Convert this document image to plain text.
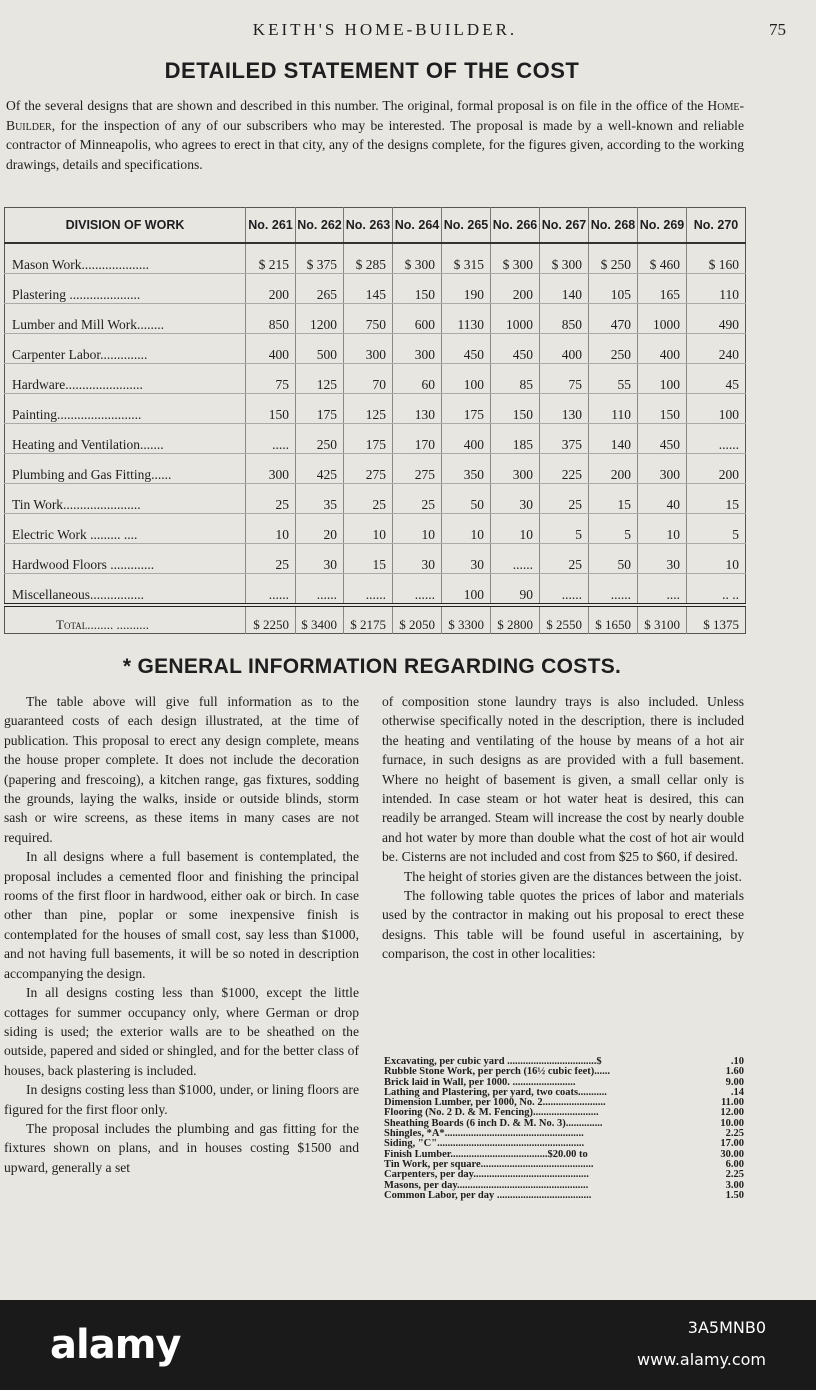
KEITH'S HOME-BUILDER.	75
DETAILED STATEMENT OF THE COST
Of the several designs that are shown and described in this number. The original, formal proposal is on file in the office of the Home-Builder, for the inspection of any of our subscribers who may be interested. The proposal is made by a well-known and reliable contractor of Minneapolis, who agrees to erect in that city, any of the designs complete, for the figures given, according to the working drawings, details and specifications.
DIVISION OF WORK	No. 261	No. 262	No. 263	No. 264	No. 265	No. 266	No. 267	No. 268	No. 269	No. 270
Mason Work....................	$ 215	$ 375	$ 285	$ 300	$ 315	$ 300	$ 300	$ 250	$ 460	$ 160
Plastering .....................	200	265	145	150	190	200	140	105	165	110
Lumber and Mill Work........	850	1200	750	600	1130	1000	850	470	1000	490
Carpenter Labor..............	400	500	300	300	450	450	400	250	400	240
Hardware.......................	75	125	70	60	100	85	75	55	100	45
Painting.........................	150	175	125	130	175	150	130	110	150	100
Heating and Ventilation.......	.....	250	175	170	400	185	375	140	450	......
Plumbing and Gas Fitting......	300	425	275	275	350	300	225	200	300	200
Tin Work.......................	25	35	25	25	50	30	25	15	40	15
Electric Work ......... ....	10	20	10	10	10	10	5	5	10	5
Hardwood Floors .............	25	30	15	30	30	......	25	50	30	10
Miscellaneous................	......	......	......	......	100	90	......	......	....	.. ..
Total........ ..........	$ 2250	$ 3400	$ 2175	$ 2050	$ 3300	$ 2800	$ 2550	$ 1650	$ 3100	$ 1375
* GENERAL INFORMATION REGARDING COSTS.

The table above will give full information as to the guaranteed costs of each design illustrated, at the time of publication. This proposal to erect any design complete, means the house proper complete. It does not include the decoration (papering and frescoing), a kitchen range, gas fixtures, sodding the grounds, laying the walks, inside or outside blinds, storm sash or wire screens, as these items in many cases are not required.

In all designs where a full basement is contemplated, the proposal includes a cemented floor and finishing the principal rooms of the first floor in hardwood, either oak or birch. In case other than pine, poplar or some inexpensive finish is contemplated for the houses of small cost, say less than $1000, and not having full basements, it will be so noted in description accompanying the design.

In all designs costing less than $1000, except the little cottages for summer occupancy only, where German or drop siding is used; the exterior walls are to be sheathed on the outside, papered and sided or shingled, and for the better class of houses, back plastering is included.

In designs costing less than $1000, under, or lining floors are figured for the first floor only.

The proposal includes the plumbing and gas fitting for the fixtures shown on plans, and in houses costing $1500 and upward, generally a set

of composition stone laundry trays is also included. Unless otherwise specifically noted in the description, there is included the heating and ventilating of the house by means of a hot air furnace, in such designs as are provided with a full basement. Where no height of basement is given, a small cellar only is intended. In case steam or hot water heat is desired, this can readily be arranged. Steam will increase the cost by nearly double and hot water by more than double what the cost of hot air would be. Cisterns are not included and cost from $25 to $60, if desired.

The height of stories given are the distances between the joist.

The following table quotes the prices of labor and materials used by the contractor in making out his proposal to erect these designs. This table will be found useful in ascertaining, by comparison, the cost in other localities:

Excavating, per cubic yard ..................................$	.10
Rubble Stone Work, per perch (16½ cubic feet)......	1.60
Brick laid in Wall, per 1000. ........................	9.00
Lathing and Plastering, per yard, two coats...........	.14
Dimension Lumber, per 1000, No. 2........................	11.00
Flooring (No. 2 D. & M. Fencing).........................	12.00
Sheathing Boards (6 inch D. & M. No. 3)..............	10.00
Shingles, *A*.....................................................	2.25
Siding, "C"........................................................	17.00
Finish Lumber.....................................$20.00 to	30.00
Tin Work, per square...........................................	6.00
Carpenters, per day............................................	2.25
Masons, per day..................................................	3.00
Common Labor, per day ....................................	1.50
alamy	3A5MNB0
www.alamy.com
